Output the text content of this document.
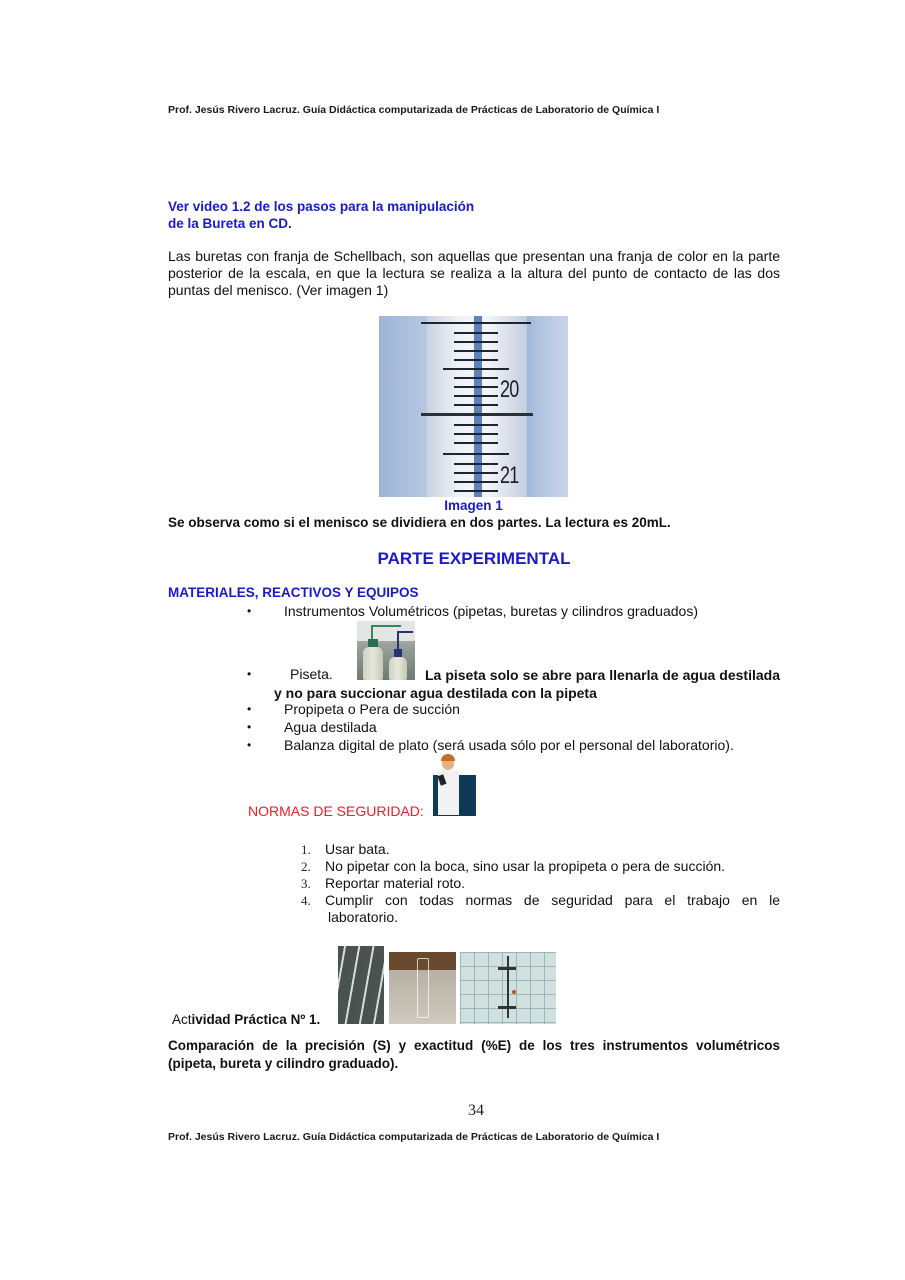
Prof. Jesús Rivero Lacruz. Guía Didáctica computarizada de Prácticas de Laboratorio de Química I
Ver video 1.2 de los pasos para la manipulación
de la Bureta en CD.
Las buretas con franja de Schellbach, son aquellas que presentan una franja de color en la parte posterior de la escala, en que la lectura se realiza a la altura del punto de contacto de las dos puntas del menisco. (Ver imagen 1)
20
21
Imagen 1
Se observa como si el menisco se dividiera en dos partes. La lectura es 20mL.
PARTE EXPERIMENTAL
MATERIALES, REACTIVOS Y EQUIPOS
• Instrumentos Volumétricos (pipetas, buretas y cilindros graduados)
•	Piseta.	La piseta solo se abre para llenarla de agua destilada y no para succionar agua destilada con la pipeta
• Propipeta o Pera de succión
• Agua destilada
• Balanza digital de plato (será usada sólo por el personal del laboratorio).
NORMAS DE SEGURIDAD:
1. Usar bata.
2. No pipetar con la boca, sino usar la propipeta o pera de succión.
3. Reportar material roto.
4. Cumplir con todas normas de seguridad para el trabajo en le
laboratorio.
Actividad Práctica Nº 1.
Comparación de la precisión (S) y exactitud (%E) de los tres instrumentos volumétricos (pipeta, bureta y cilindro graduado).
34
Prof. Jesús Rivero Lacruz. Guía Didáctica computarizada de Prácticas de Laboratorio de Química I
